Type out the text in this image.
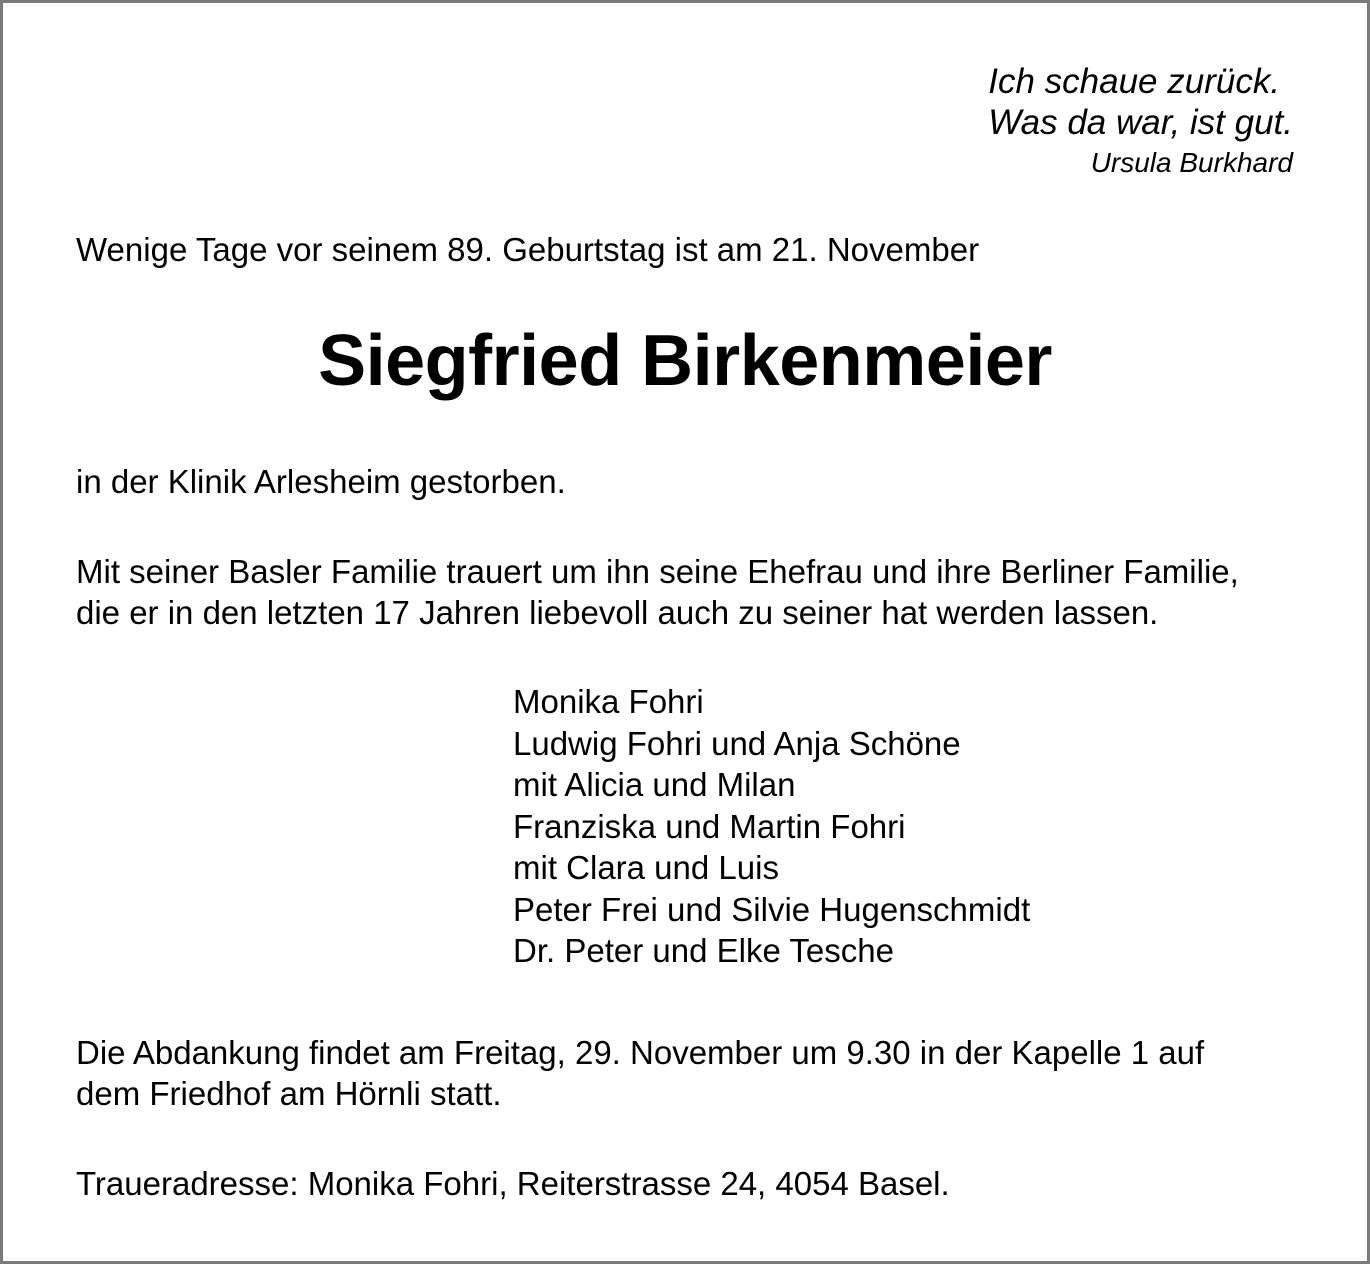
Ich schaue zurück.
Was da war, ist gut.
Ursula Burkhard

Wenige Tage vor seinem 89. Geburtstag ist am 21. November

Siegfried Birkenmeier

in der Klinik Arlesheim gestorben.

Mit seiner Basler Familie trauert um ihn seine Ehefrau und ihre Berliner Familie,
die er in den letzten 17 Jahren liebevoll auch zu seiner hat werden lassen.
Monika Fohri
Ludwig Fohri und Anja Schöne
mit Alicia und Milan
Franziska und Martin Fohri
mit Clara und Luis
Peter Frei und Silvie Hugenschmidt
Dr. Peter und Elke Tesche
Die Abdankung findet am Freitag, 29. November um 9.30 in der Kapelle 1 auf
dem Friedhof am Hörnli statt.

Traueradresse: Monika Fohri, Reiterstrasse 24, 4054 Basel.
